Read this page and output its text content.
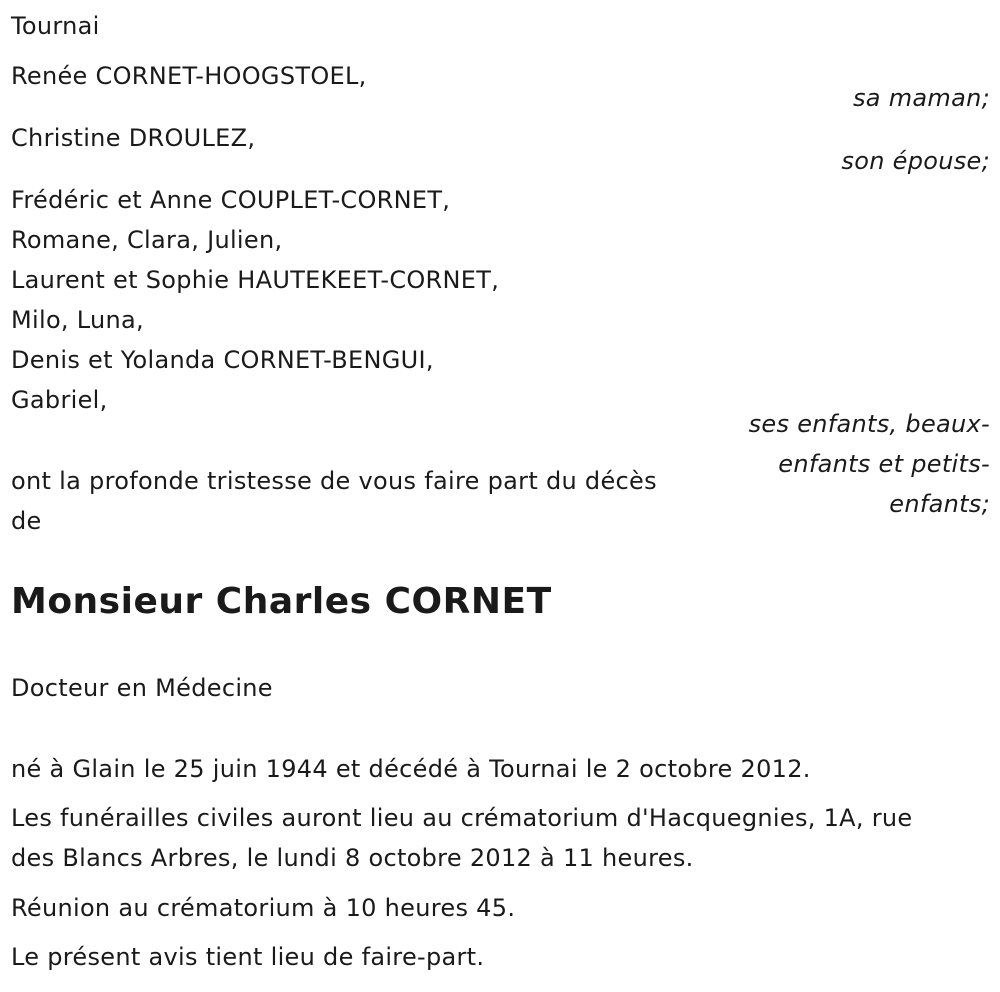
Tournai
Renée CORNET-HOOGSTOEL,
sa maman;
Christine DROULEZ,
son épouse;
Frédéric et Anne COUPLET-CORNET,
Romane, Clara, Julien,
Laurent et Sophie HAUTEKEET-CORNET,
Milo, Luna,
Denis et Yolanda CORNET-BENGUI,
Gabriel,
ses enfants, beaux-
enfants et petits-
enfants;
ont la profonde tristesse de vous faire part du décès
de
Monsieur Charles CORNET
Docteur en Médecine
né à Glain le 25 juin 1944 et décédé à Tournai le 2 octobre 2012.
Les funérailles civiles auront lieu au crématorium d'Hacquegnies, 1A, rue
des Blancs Arbres, le lundi 8 octobre 2012 à 11 heures.
Réunion au crématorium à 10 heures 45.
Le présent avis tient lieu de faire-part.
